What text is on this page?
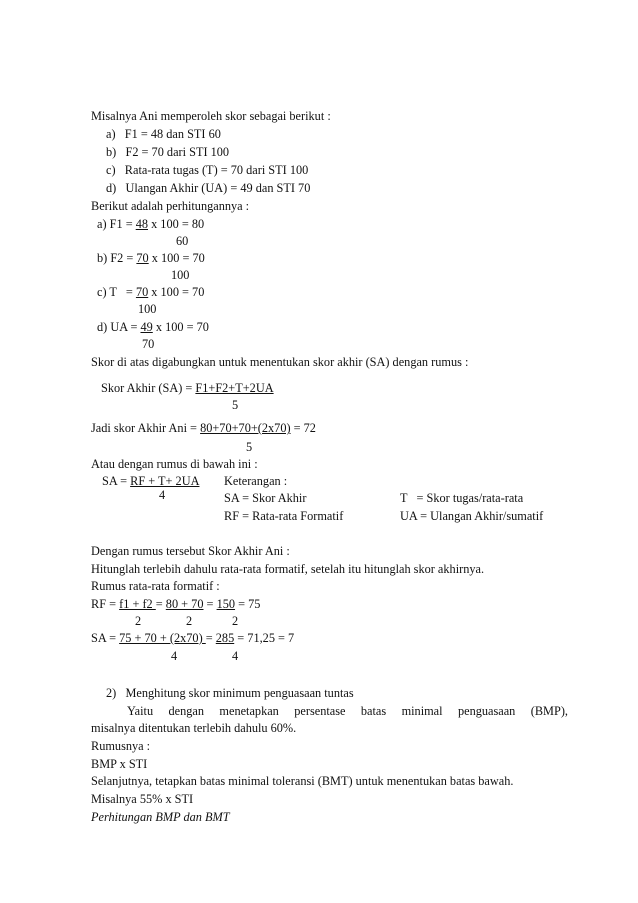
Misalnya Ani memperoleh skor sebagai berikut :
a) F1 = 48 dan STI 60
b) F2 = 70 dari STI 100
c) Rata-rata tugas (T) = 70 dari STI 100
d) Ulangan Akhir (UA) = 49 dan STI 70
Berikut adalah perhitungannya :
a) F1 = 48 x 100 = 80
60
b) F2 = 70 x 100 = 70
100
c) T   = 70 x 100 = 70
100
d) UA = 49 x 100 = 70
70
Skor di atas digabungkan untuk menentukan skor akhir (SA) dengan rumus :
Skor Akhir (SA) = F1+F2+T+2UA
5
Jadi skor Akhir Ani = 80+70+70+(2x70) = 72
5
Atau dengan rumus di bawah ini :
SA = RF + T+ 2UA
4
Keterangan :
SA = Skor Akhir	T   = Skor tugas/rata-rata
RF = Rata-rata Formatif	UA = Ulangan Akhir/sumatif
Dengan rumus tersebut Skor Akhir Ani :
Hitunglah terlebih dahulu rata-rata formatif, setelah itu hitunglah skor akhirnya.
Rumus rata-rata formatif :
RF = f1 + f2 = 80 + 70 = 150 = 75
2	2	2
SA = 75 + 70 + (2x70) = 285 = 71,25 = 7
4	4
2) Menghitung skor minimum penguasaan tuntas
Yaitu dengan menetapkan persentase batas minimal penguasaan (BMP),
misalnya ditentukan terlebih dahulu 60%.
Rumusnya :
BMP x STI
Selanjutnya, tetapkan batas minimal toleransi (BMT) untuk menentukan batas bawah.
Misalnya 55% x STI
Perhitungan BMP dan BMT
